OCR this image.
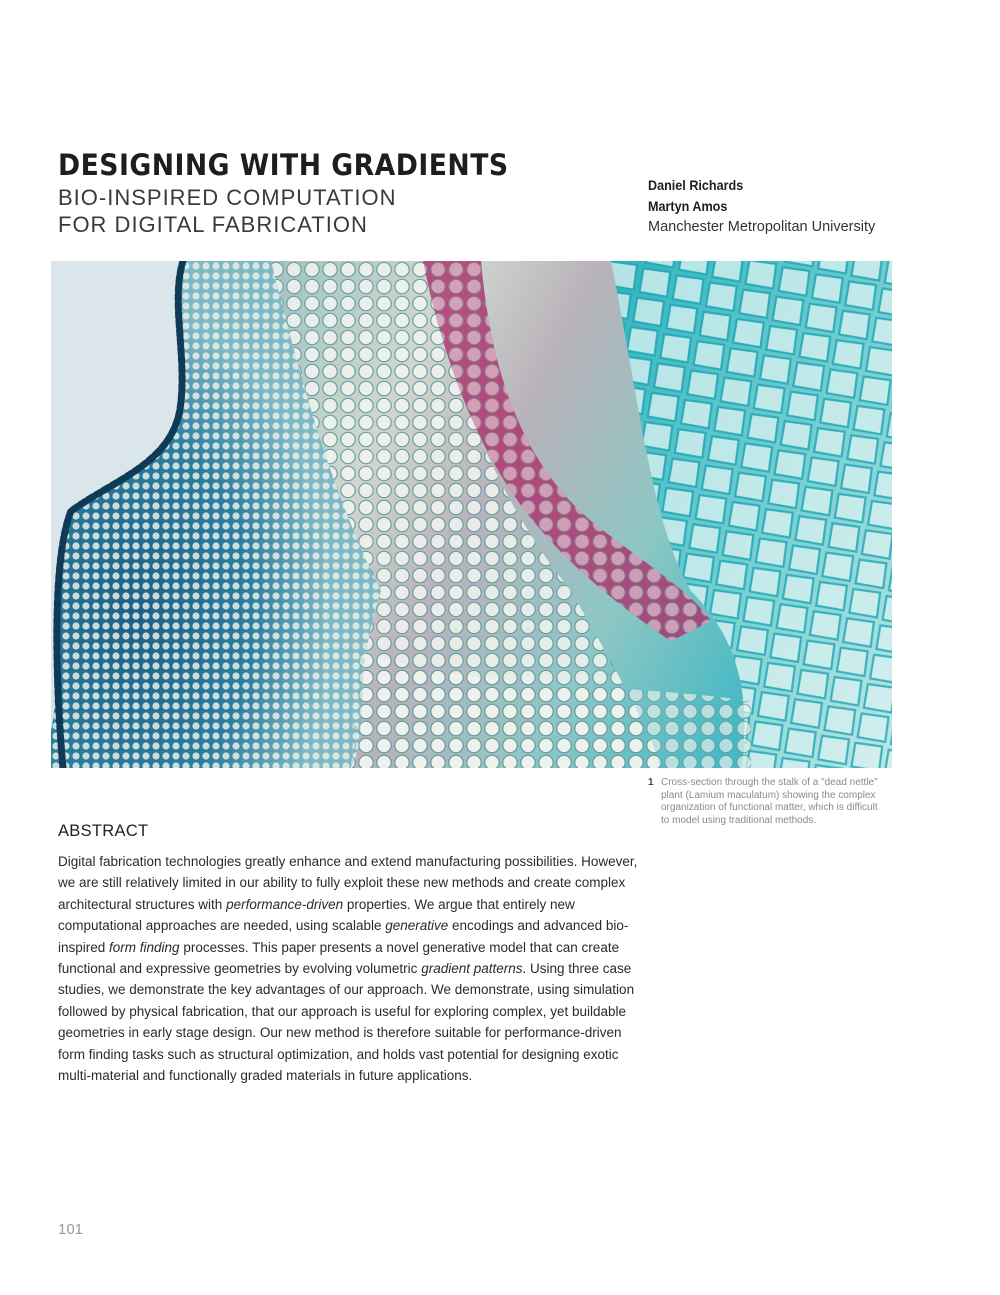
DESIGNING WITH GRADIENTS
BIO-INSPIRED COMPUTATION
FOR DIGITAL FABRICATION
Daniel Richards
Martyn Amos
Manchester Metropolitan University
1 Cross-section through the stalk of a "dead nettle" plant (Lamium maculatum) showing the complex organization of functional matter, which is difficult to model using traditional methods.
ABSTRACT

Digital fabrication technologies greatly enhance and extend manufacturing possibilities. However, we are still relatively limited in our ability to fully exploit these new methods and create complex architectural structures with performance-driven properties. We argue that entirely new computational approaches are needed, using scalable generative encodings and advanced bio-inspired form finding processes. This paper presents a novel generative model that can create functional and expressive geometries by evolving volumetric gradient patterns. Using three case studies, we demonstrate the key advantages of our approach. We demonstrate, using simulation followed by physical fabrication, that our approach is useful for exploring complex, yet buildable geometries in early stage design. Our new method is therefore suitable for performance-driven form finding tasks such as structural optimization, and holds vast potential for designing exotic multi-material and functionally graded materials in future applications.

101
